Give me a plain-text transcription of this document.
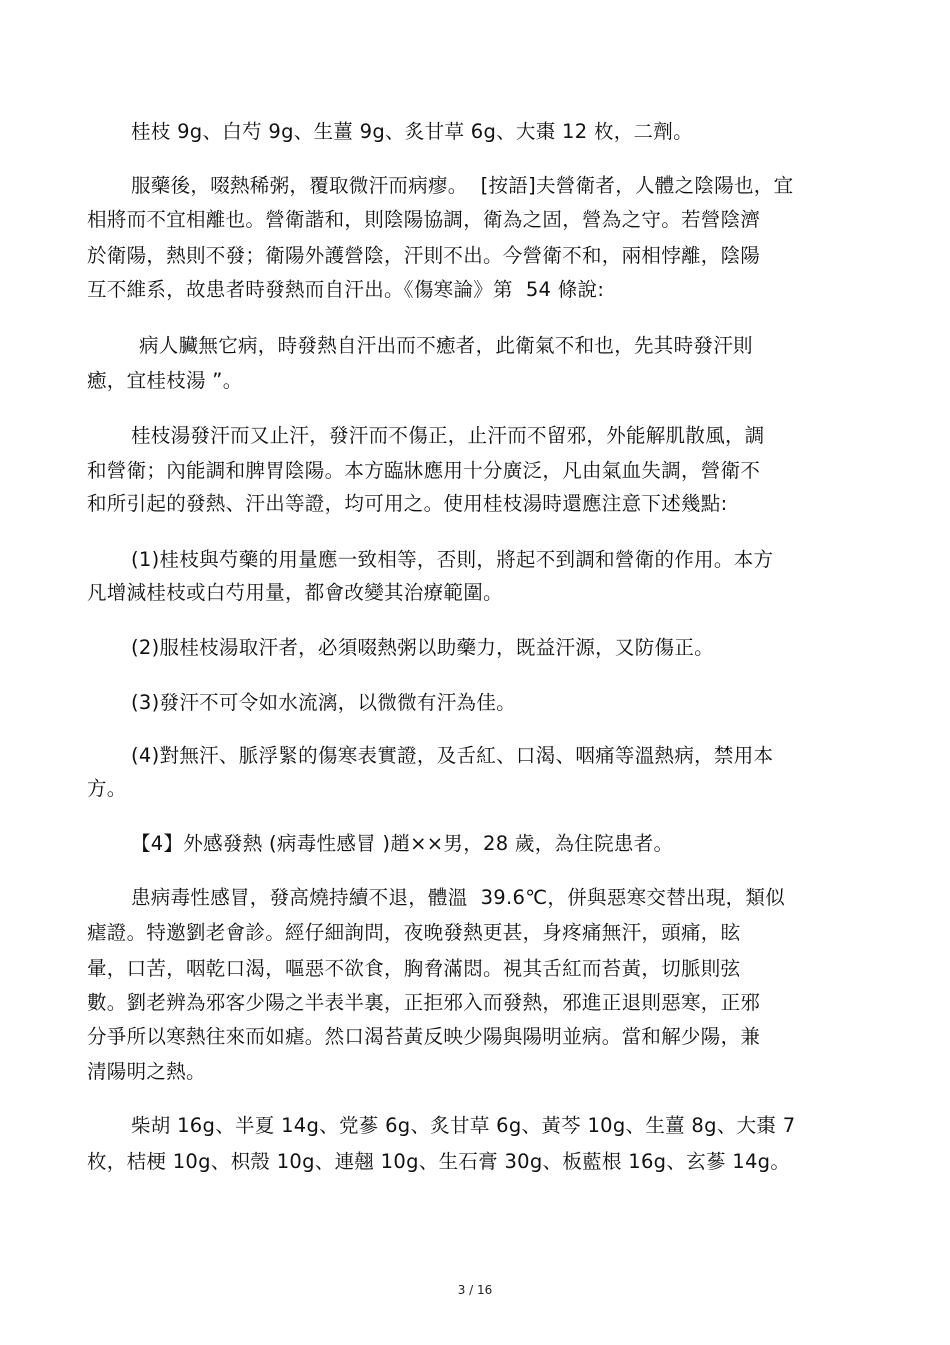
桂枝 9g、白芍 9g、生薑 9g、炙甘草 6g、大棗 12 枚，二劑。
服藥後，啜熱稀粥，覆取微汗而病瘳。  [按語]夫營衛者，人體之陰陽也，宜
相將而不宜相離也。營衛諧和，則陰陽協調，衛為之固，營為之守。若營陰濟
於衛陽，熱則不發；衛陽外護營陰，汗則不出。今營衛不和，兩相悖離，陰陽
互不維系，故患者時發熱而自汗出。《傷寒論》第  54 條說:
病人臟無它病，時發熱自汗出而不癒者，此衛氣不和也，先其時發汗則
癒，宜桂枝湯 ”。
桂枝湯發汗而又止汗，發汗而不傷正，止汗而不留邪，外能解肌散風，調
和營衛；內能調和脾胃陰陽。本方臨牀應用十分廣泛，凡由氣血失調，營衛不
和所引起的發熱、汗出等證，均可用之。使用桂枝湯時還應注意下述幾點:
(1)桂枝與芍藥的用量應一致相等，否則，將起不到調和營衛的作用。本方
凡增減桂枝或白芍用量，都會改變其治療範圍。
(2)服桂枝湯取汗者，必須啜熱粥以助藥力，既益汗源，又防傷正。
(3)發汗不可令如水流漓，以微微有汗為佳。
(4)對無汗、脈浮緊的傷寒表實證，及舌紅、口渴、咽痛等溫熱病，禁用本
方。
【4】外感發熱 (病毒性感冒 )趙××男，28 歲，為住院患者。
患病毒性感冒，發高燒持續不退，體溫  39.6℃，併與惡寒交替出現，類似
瘧證。特邀劉老會診。經仔細詢問，夜晚發熱更甚，身疼痛無汗，頭痛，眩
暈，口苦，咽乾口渴，嘔惡不欲食，胸脅滿悶。視其舌紅而苔黃，切脈則弦
數。劉老辨為邪客少陽之半表半裏，正拒邪入而發熱，邪進正退則惡寒，正邪
分爭所以寒熱往來而如瘧。然口渴苔黃反映少陽與陽明並病。當和解少陽，兼
清陽明之熱。
柴胡 16g、半夏 14g、党蔘 6g、炙甘草 6g、黃芩 10g、生薑 8g、大棗 7
枚，桔梗 10g、枳殼 10g、連翹 10g、生石膏 30g、板藍根 16g、玄蔘 14g。
3 / 16
